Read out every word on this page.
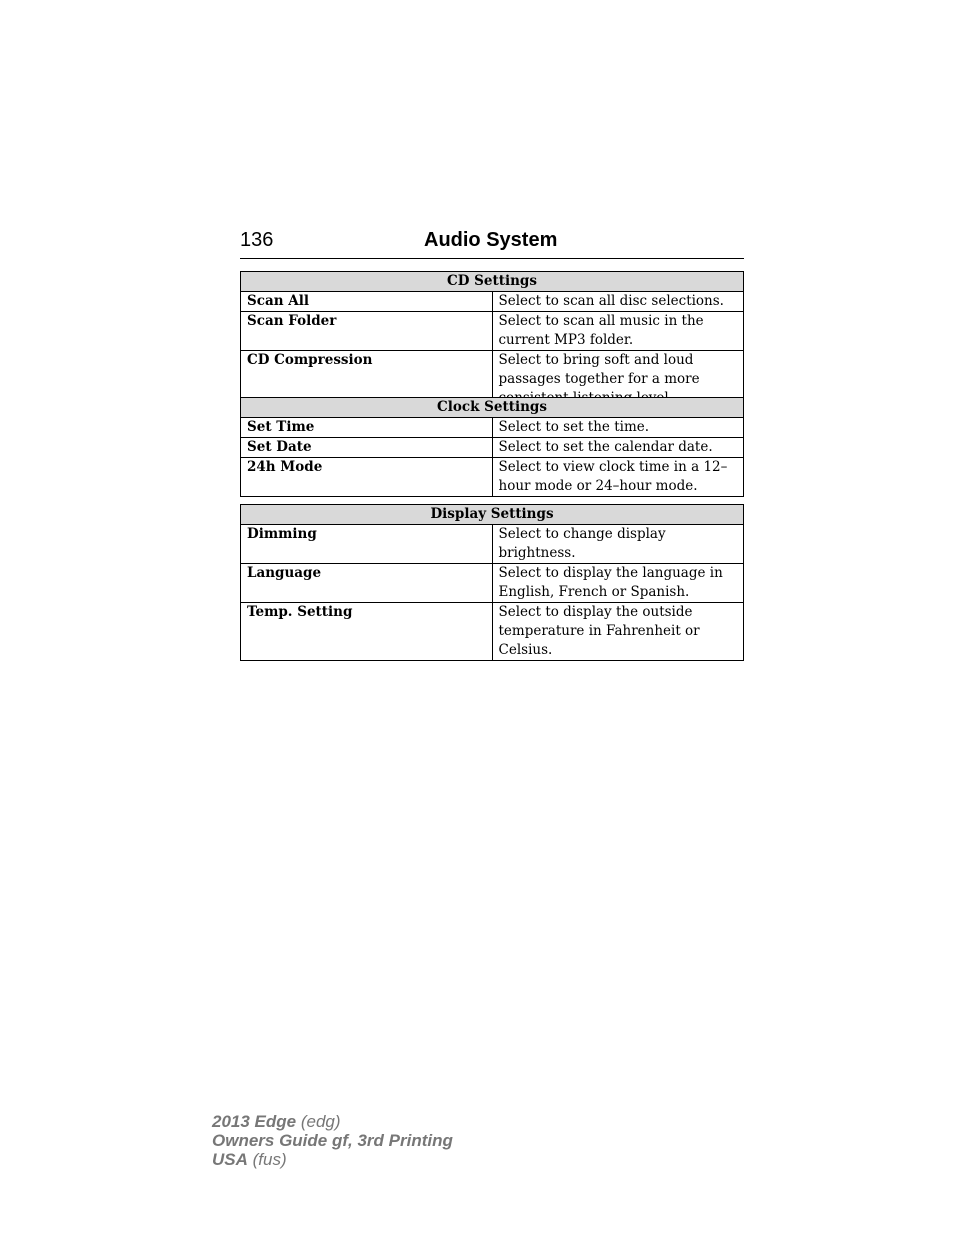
136	Audio System
CD Settings	
Scan All	Select to scan all disc selections.
Scan Folder	Select to scan all music in the current MP3 folder.
CD Compression	Select to bring soft and loud passages together for a more
Clock Settings	
Set Time	Select to set the time.
Set Date	Select to set the calendar date.
24h Mode	Select to view clock time in a 12–hour mode or 24–hour mode.
Display Settings	
Dimming	Select to change display brightness.
Language	Select to display the language in English, French or Spanish.
Temp. Setting	Select to display the outside temperature in Fahrenheit or Celsius.
2013 Edge (edg)
Owners Guide gf, 3rd Printing
USA (fus)
